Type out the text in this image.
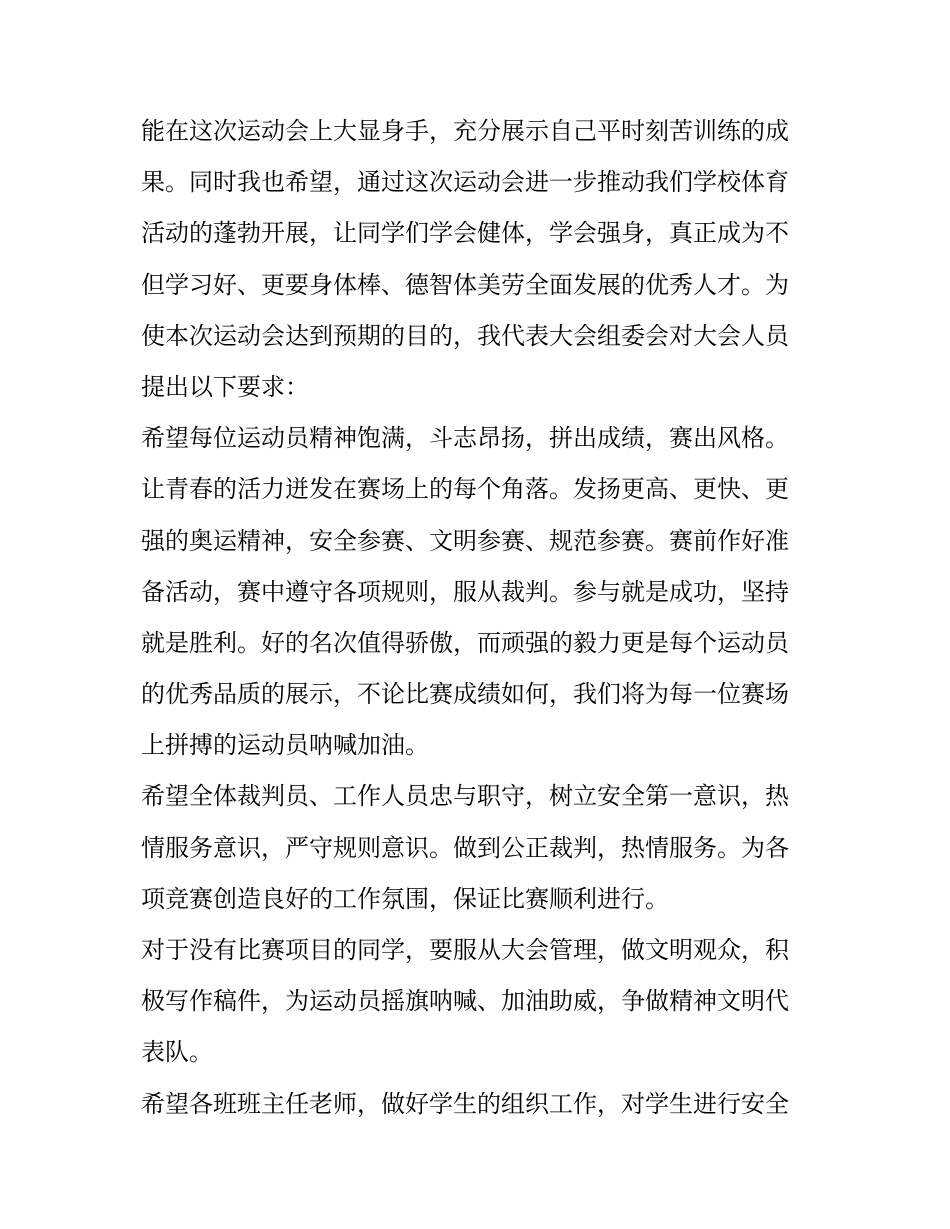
能在这次运动会上大显身手，充分展示自己平时刻苦训练的成
果。同时我也希望，通过这次运动会进一步推动我们学校体育
活动的蓬勃开展，让同学们学会健体，学会强身，真正成为不
但学习好、更要身体棒、德智体美劳全面发展的优秀人才。为
使本次运动会达到预期的目的，我代表大会组委会对大会人员
提出以下要求：
希望每位运动员精神饱满，斗志昂扬，拼出成绩，赛出风格。
让青春的活力迸发在赛场上的每个角落。发扬更高、更快、更
强的奥运精神，安全参赛、文明参赛、规范参赛。赛前作好准
备活动，赛中遵守各项规则，服从裁判。参与就是成功，坚持
就是胜利。好的名次值得骄傲，而顽强的毅力更是每个运动员
的优秀品质的展示，不论比赛成绩如何，我们将为每一位赛场
上拼搏的运动员呐喊加油。
希望全体裁判员、工作人员忠与职守，树立安全第一意识，热
情服务意识，严守规则意识。做到公正裁判，热情服务。为各
项竞赛创造良好的工作氛围，保证比赛顺利进行。
对于没有比赛项目的同学，要服从大会管理，做文明观众，积
极写作稿件，为运动员摇旗呐喊、加油助威，争做精神文明代
表队。
希望各班班主任老师，做好学生的组织工作，对学生进行安全
